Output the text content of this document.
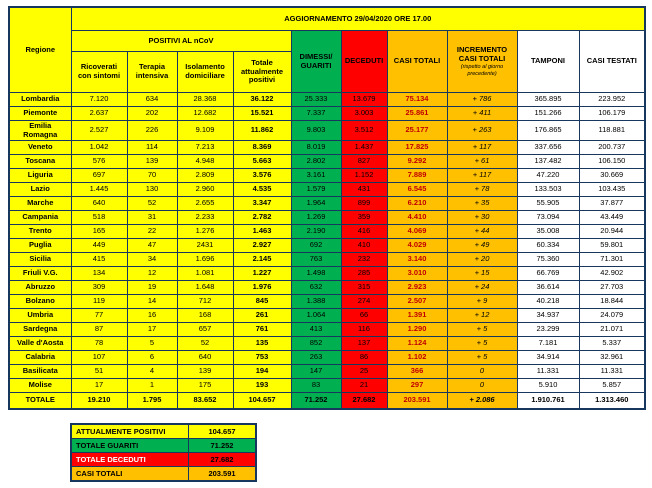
Regione	AGGIORNAMENTO 29/04/2020 ORE 17.00									
	POSITIVI AL nCoV				DIMESSI/ GUARITI	DECEDUTI	CASI TOTALI	INCREMENTO CASI TOTALI
(rispetto al giorno precedente)	TAMPONI	CASI TESTATI
	Ricoverati con sintomi	Terapia intensiva	Isolamento domiciliare	Totale attualmente positivi						
Lombardia	7.120	634	28.368	36.122	25.333	13.679	75.134	+ 786	365.895	223.952
Piemonte	2.637	202	12.682	15.521	7.337	3.003	25.861	+ 411	151.266	106.179
Emilia Romagna	2.527	226	9.109	11.862	9.803	3.512	25.177	+ 263	176.865	118.881
Veneto	1.042	114	7.213	8.369	8.019	1.437	17.825	+ 117	337.656	200.737
Toscana	576	139	4.948	5.663	2.802	827	9.292	+ 61	137.482	106.150
Liguria	697	70	2.809	3.576	3.161	1.152	7.889	+ 117	47.220	30.669
Lazio	1.445	130	2.960	4.535	1.579	431	6.545	+ 78	133.503	103.435
Marche	640	52	2.655	3.347	1.964	899	6.210	+ 35	55.905	37.877
Campania	518	31	2.233	2.782	1.269	359	4.410	+ 30	73.094	43.449
Trento	165	22	1.276	1.463	2.190	416	4.069	+ 44	35.008	20.944
Puglia	449	47	2431	2.927	692	410	4.029	+ 49	60.334	59.801
Sicilia	415	34	1.696	2.145	763	232	3.140	+ 20	75.360	71.301
Friuli V.G.	134	12	1.081	1.227	1.498	285	3.010	+ 15	66.769	42.902
Abruzzo	309	19	1.648	1.976	632	315	2.923	+ 24	36.614	27.703
Bolzano	119	14	712	845	1.388	274	2.507	+ 9	40.218	18.844
Umbria	77	16	168	261	1.064	66	1.391	+ 12	34.937	24.079
Sardegna	87	17	657	761	413	116	1.290	+ 5	23.299	21.071
Valle d'Aosta	78	5	52	135	852	137	1.124	+ 5	7.181	5.337
Calabria	107	6	640	753	263	86	1.102	+ 5	34.914	32.961
Basilicata	51	4	139	194	147	25	366	0	11.331	11.331
Molise	17	1	175	193	83	21	297	0	5.910	5.857
TOTALE	19.210	1.795	83.652	104.657	71.252	27.682	203.591	+ 2.086	1.910.761	1.313.460
ATTUALMENTE POSITIVI	104.657
TOTALE GUARITI	71.252
TOTALE DECEDUTI	27.682
CASI TOTALI	203.591
